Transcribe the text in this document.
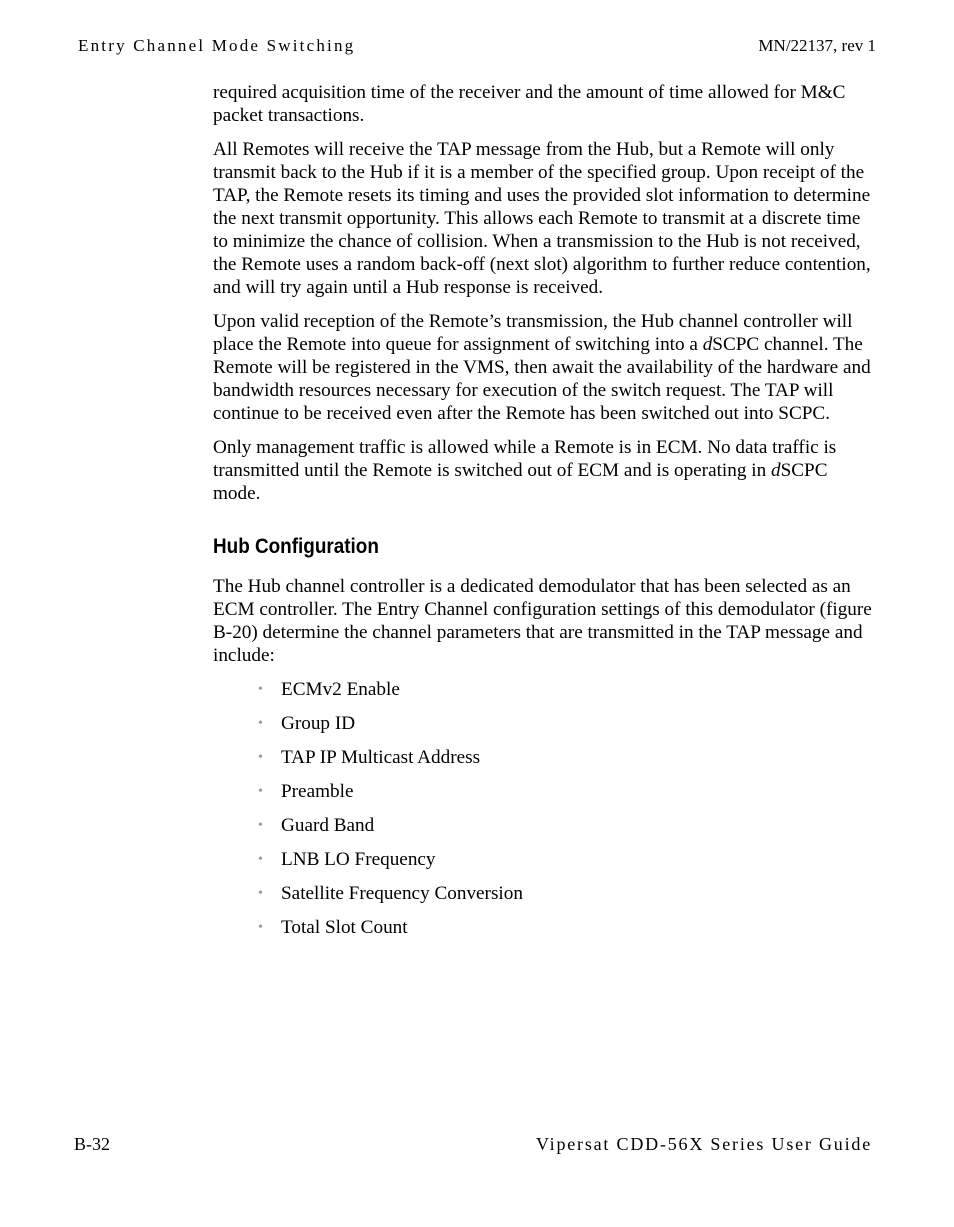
Entry Channel Mode Switching	MN/22137, rev 1

required acquisition time of the receiver and the amount of time allowed for M&C packet transactions.

All Remotes will receive the TAP message from the Hub, but a Remote will only transmit back to the Hub if it is a member of the specified group. Upon receipt of the TAP, the Remote resets its timing and uses the provided slot information to determine the next transmit opportunity. This allows each Remote to transmit at a discrete time to minimize the chance of collision. When a transmission to the Hub is not received, the Remote uses a random back-off (next slot) algorithm to further reduce contention, and will try again until a Hub response is received.

Upon valid reception of the Remote’s transmission, the Hub channel controller will place the Remote into queue for assignment of switching into a dSCPC channel. The Remote will be registered in the VMS, then await the availability of the hardware and bandwidth resources necessary for execution of the switch request. The TAP will continue to be received even after the Remote has been switched out into SCPC.

Only management traffic is allowed while a Remote is in ECM. No data traffic is transmitted until the Remote is switched out of ECM and is operating in dSCPC mode.

Hub Configuration

The Hub channel controller is a dedicated demodulator that has been selected as an ECM controller. The Entry Channel configuration settings of this demodulator (figure B-20) determine the channel parameters that are transmitted in the TAP message and include:

• ECMv2 Enable
• Group ID
• TAP IP Multicast Address
• Preamble
• Guard Band
• LNB LO Frequency
• Satellite Frequency Conversion
• Total Slot Count
B-32	Vipersat CDD-56X Series User Guide
